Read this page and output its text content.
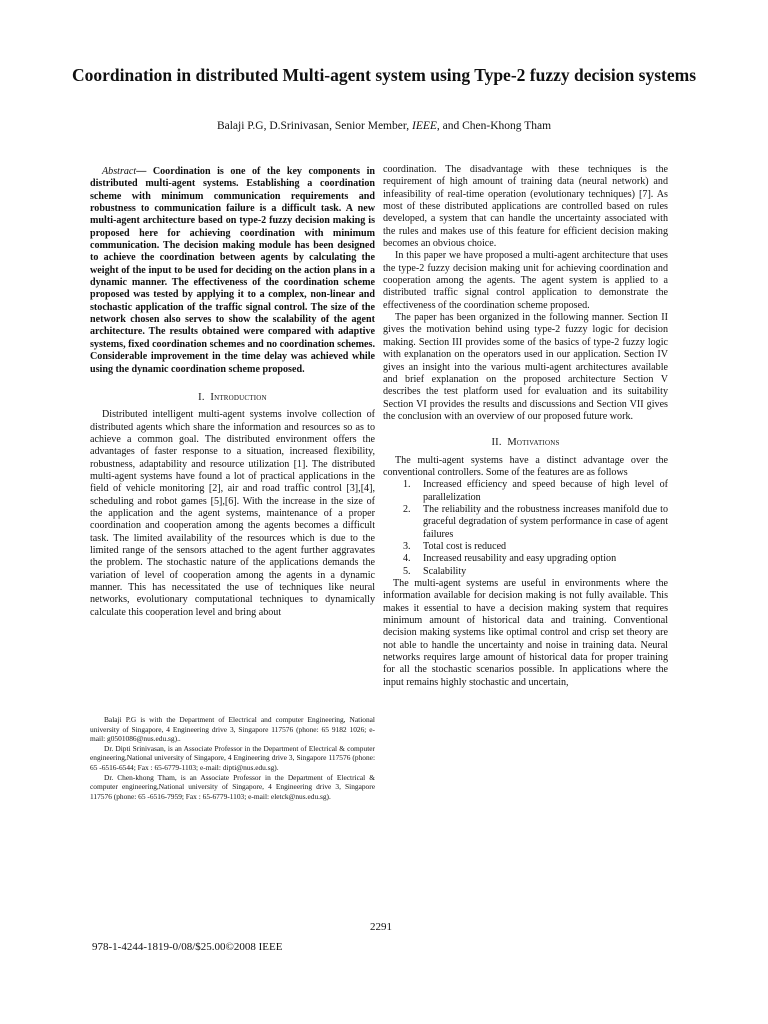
Coordination in distributed Multi-agent system using Type-2 fuzzy decision systems
Balaji P.G, D.Srinivasan, Senior Member, IEEE, and Chen-Khong Tham

Abstract— Coordination is one of the key components in distributed multi-agent systems. Establishing a coordination scheme with minimum communication requirements and robustness to communication failure is a difficult task. A new multi-agent architecture based on type-2 fuzzy decision making is proposed here for achieving coordination with minimum communication. The decision making module has been designed to achieve the coordination between agents by calculating the weight of the input to be used for deciding on the action plans in a dynamic manner. The effectiveness of the coordination scheme proposed was tested by applying it to a complex, non-linear and stochastic application of the traffic signal control. The size of the network chosen also serves to show the scalability of the agent architecture. The results obtained were compared with adaptive systems, fixed coordination schemes and no coordination schemes. Considerable improvement in the time delay was achieved while using the dynamic coordination scheme proposed.

I. Introduction

Distributed intelligent multi-agent systems involve collection of distributed agents which share the information and resources so as to achieve a common goal. The distributed environment offers the advantages of faster response to a situation, increased flexibility, robustness, adaptability and resource utilization [1]. The distributed multi-agent systems have found a lot of practical applications in the field of vehicle monitoring [2], air and road traffic control [3],[4], scheduling and robot games [5],[6]. With the increase in the size of the application and the agent systems, maintenance of a proper coordination and cooperation among the agents becomes a difficult task. The limited availability of the resources which is due to the limited range of the sensors attached to the agent further aggravates the problem. The stochastic nature of the applications demands the variation of level of cooperation among the agents in a dynamic manner. This has necessitated the use of techniques like neural networks, evolutionary computational techniques to dynamically calculate this cooperation level and bring about

Balaji P.G is with the Department of Electrical and computer Engineering, National university of Singapore, 4 Engineering drive 3, Singapore 117576 (phone: 65 9182 1026; e-mail: g0501086@nus.edu.sg)..

Dr. Dipti Srinivasan, is an Associate Professor in the Department of Electrical & computer engineering,National university of Singapore, 4 Engineering drive 3, Singapore 117576 (phone: 65 -6516-6544; Fax : 65-6779-1103; e-mail: dipti@nus.edu.sg).

Dr. Chen-khong Tham, is an Associate Professor in the Department of Electrical & computer engineering,National university of Singapore, 4 Engineering drive 3, Singapore 117576 (phone: 65 -6516-7959; Fax : 65-6779-1103; e-mail: eletck@nus.edu.sg).

coordination. The disadvantage with these techniques is the requirement of high amount of training data (neural network) and infeasibility of real-time operation (evolutionary techniques) [7]. As most of these distributed applications are controlled based on rules developed, a system that can handle the uncertainty associated with the rules and makes use of this feature for efficient decision making becomes an obvious choice.

In this paper we have proposed a multi-agent architecture that uses the type-2 fuzzy decision making unit for achieving coordination and cooperation among the agents. The agent system is applied to a distributed traffic signal control application to demonstrate the effectiveness of the coordination scheme proposed.

The paper has been organized in the following manner. Section II gives the motivation behind using type-2 fuzzy logic for decision making. Section III provides some of the basics of type-2 fuzzy logic with explanation on the operators used in our application. Section IV gives an insight into the various multi-agent architectures available and brief explanation on the proposed architecture Section V describes the test platform used for evaluation and its suitability Section VI provides the results and discussions and Section VII gives the conclusion with an overview of our proposed future work.

II. Motivations

The multi-agent systems have a distinct advantage over the conventional controllers. Some of the features are as follows

1.	Increased efficiency and speed because of high level of parallelization
2.	The reliability and the robustness increases manifold due to graceful degradation of system performance in case of agent failures
3.	Total cost is reduced
4.	Increased reusability and easy upgrading option
5.	Scalability

The multi-agent systems are useful in environments where the information available for decision making is not fully available. This makes it essential to have a decision making system that requires minimum amount of historical data and training. Conventional decision making systems like optimal control and crisp set theory are not able to handle the uncertainty and noise in training data. Neural networks requires large amount of historical data for proper training for all the stochastic scenarios possible. In applications where the input remains highly stochastic and uncertain,

2291
978-1-4244-1819-0/08/$25.00©2008 IEEE
